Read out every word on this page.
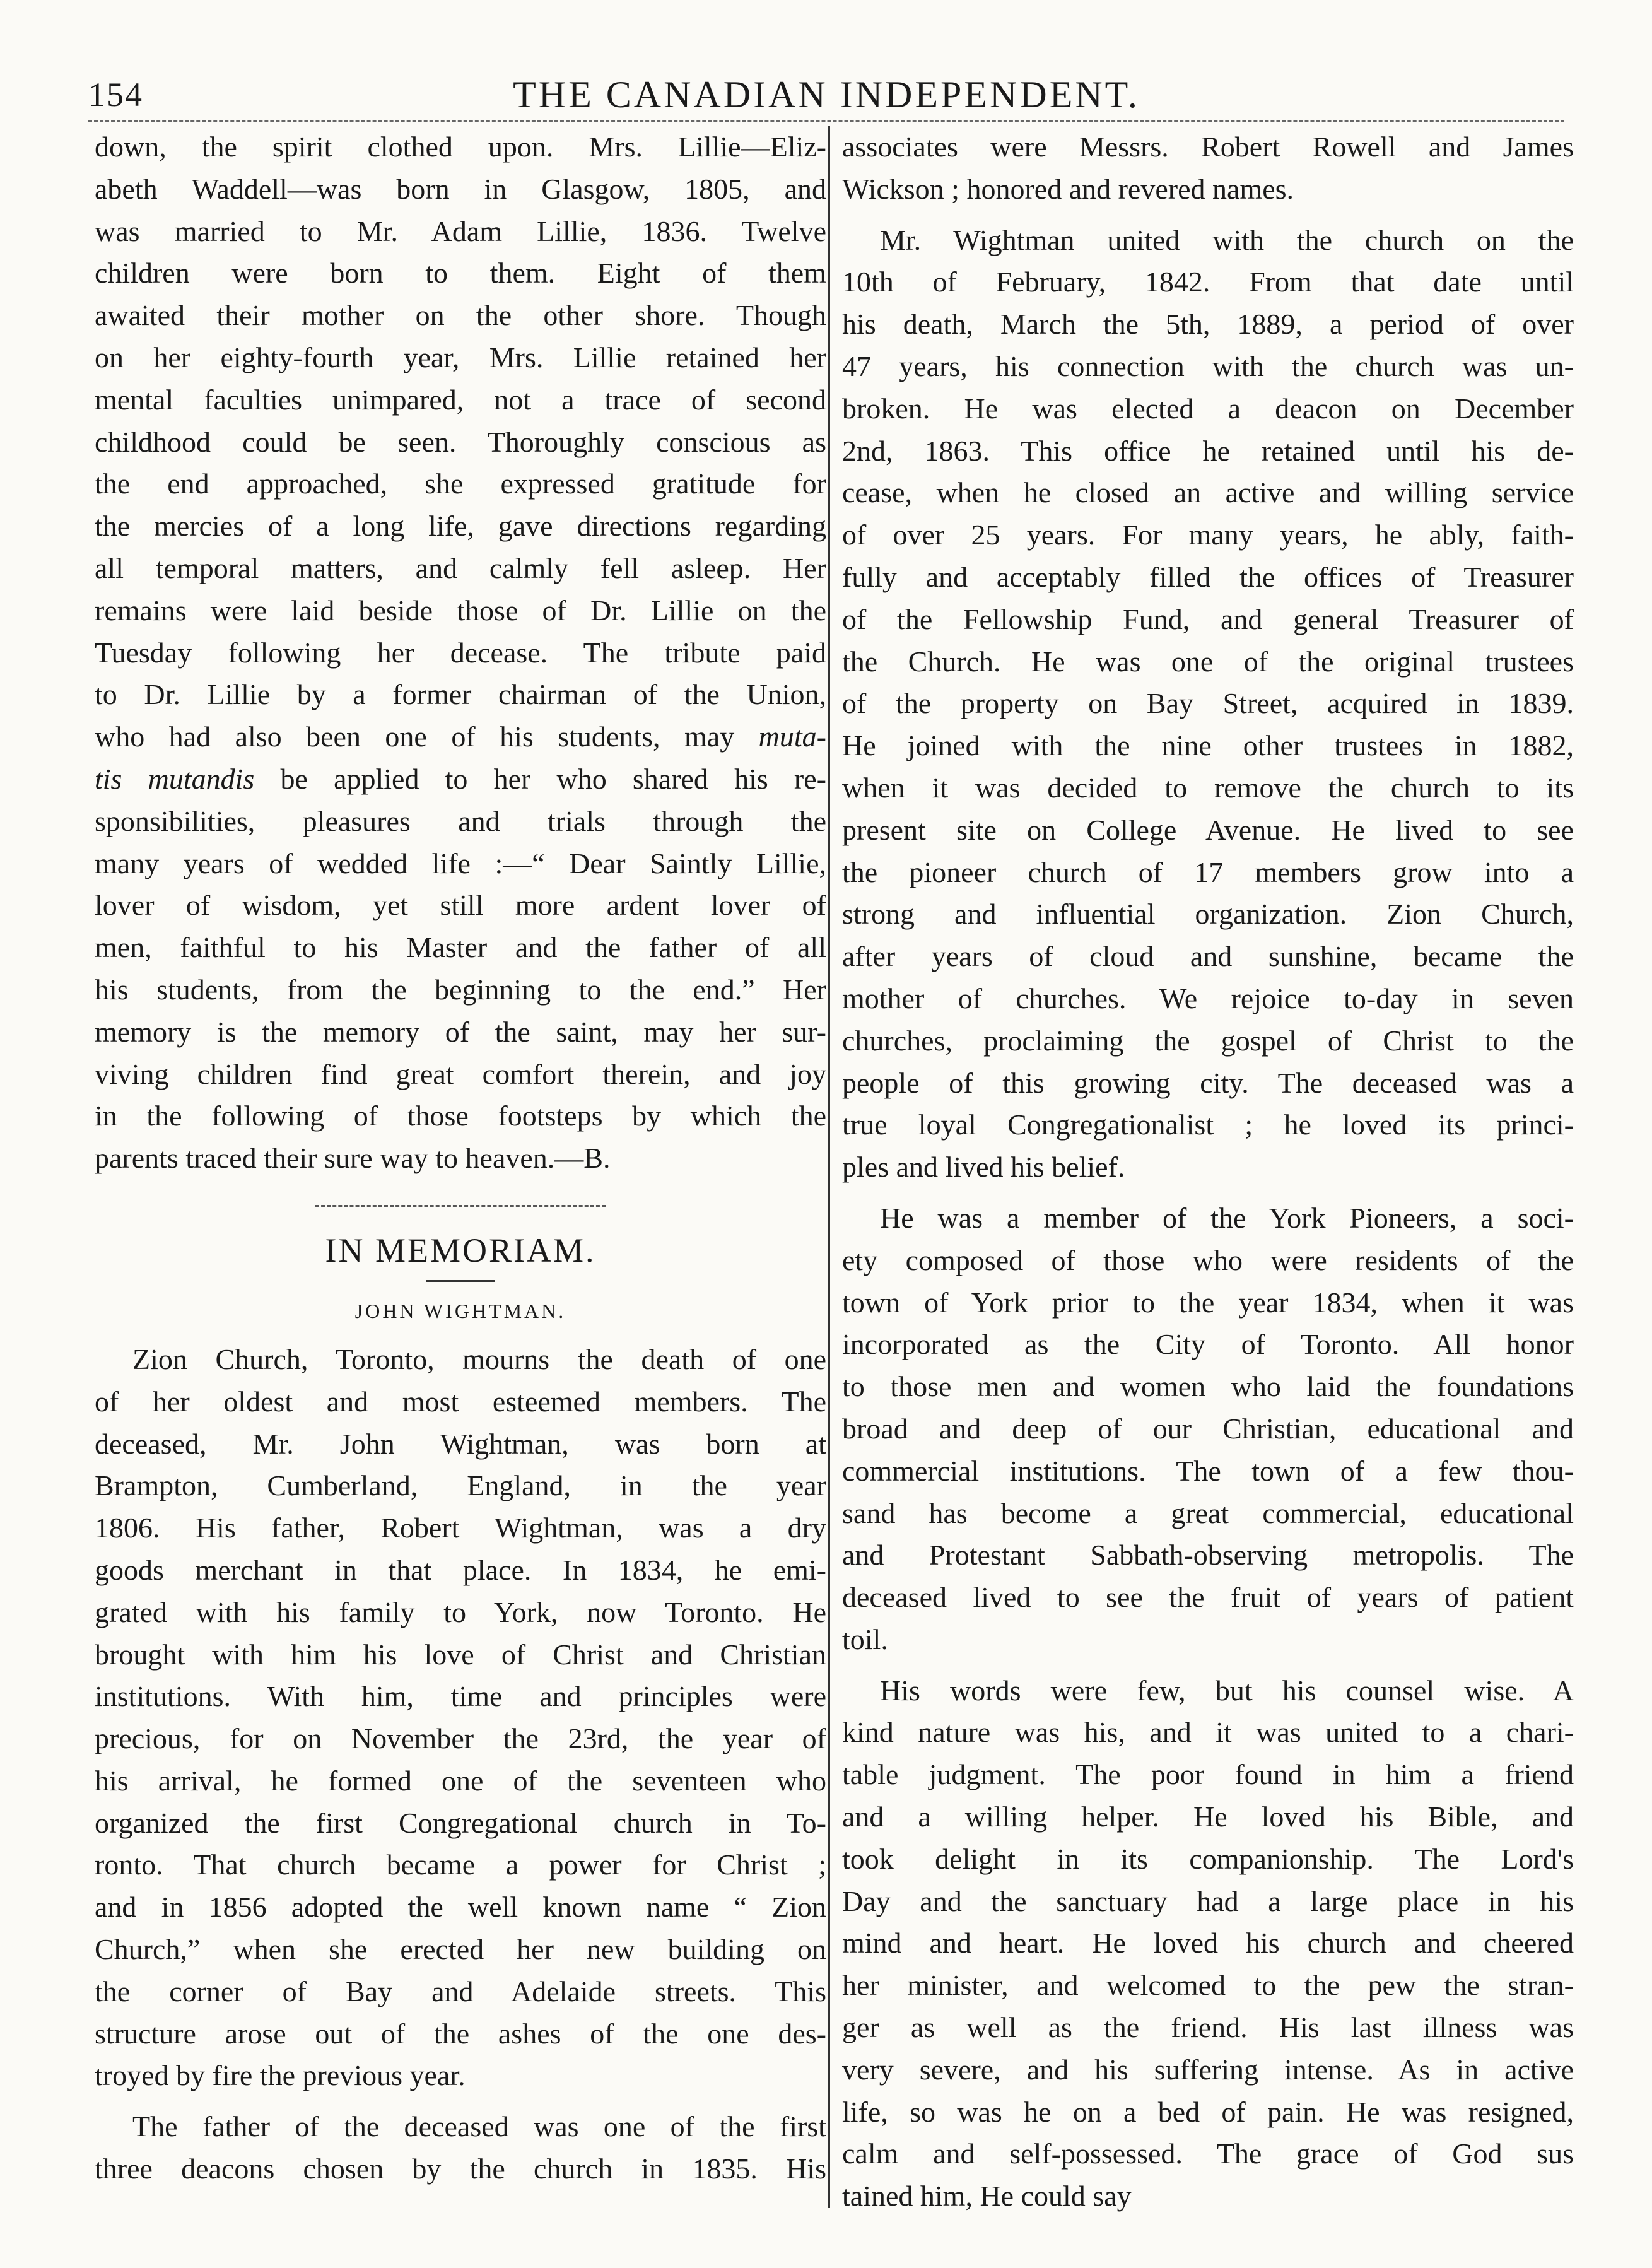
154	THE CANADIAN INDEPENDENT.
down, the spirit clothed upon. Mrs. Lillie—Eliz-
abeth Waddell—was born in Glasgow, 1805, and
was married to Mr. Adam Lillie, 1836. Twelve
children were born to them. Eight of them
awaited their mother on the other shore. Though
on her eighty-fourth year, Mrs. Lillie retained her
mental faculties unimpared, not a trace of second
childhood could be seen. Thoroughly conscious as
the end approached, she expressed gratitude for
the mercies of a long life, gave directions regarding
all temporal matters, and calmly fell asleep. Her
remains were laid beside those of Dr. Lillie on the
Tuesday following her decease. The tribute paid
to Dr. Lillie by a former chairman of the Union,
who had also been one of his students, may muta-
tis mutandis be applied to her who shared his re-
sponsibilities, pleasures and trials through the
many years of wedded life :—“ Dear Saintly Lillie,
lover of wisdom, yet still more ardent lover of
men, faithful to his Master and the father of all
his students, from the beginning to the end.” Her
memory is the memory of the saint, may her sur-
viving children find great comfort therein, and joy
in the following of those footsteps by which the
parents traced their sure way to heaven.—B.
IN MEMORIAM.
JOHN WIGHTMAN.
Zion Church, Toronto, mourns the death of one
of her oldest and most esteemed members. The
deceased, Mr. John Wightman, was born at
Brampton, Cumberland, England, in the year
1806. His father, Robert Wightman, was a dry
goods merchant in that place. In 1834, he emi-
grated with his family to York, now Toronto. He
brought with him his love of Christ and Christian
institutions. With him, time and principles were
precious, for on November the 23rd, the year of
his arrival, he formed one of the seventeen who
organized the first Congregational church in To-
ronto. That church became a power for Christ ;
and in 1856 adopted the well known name “ Zion
Church,” when she erected her new building on
the corner of Bay and Adelaide streets. This
structure arose out of the ashes of the one des-
troyed by fire the previous year.
The father of the deceased was one of the first
three deacons chosen by the church in 1835. His
associates were Messrs. Robert Rowell and James
Wickson ; honored and revered names.
Mr. Wightman united with the church on the
10th of February, 1842. From that date until
his death, March the 5th, 1889, a period of over
47 years, his connection with the church was un-
broken. He was elected a deacon on December
2nd, 1863. This office he retained until his de-
cease, when he closed an active and willing service
of over 25 years. For many years, he ably, faith-
fully and acceptably filled the offices of Treasurer
of the Fellowship Fund, and general Treasurer of
the Church. He was one of the original trustees
of the property on Bay Street, acquired in 1839.
He joined with the nine other trustees in 1882,
when it was decided to remove the church to its
present site on College Avenue. He lived to see
the pioneer church of 17 members grow into a
strong and influential organization. Zion Church,
after years of cloud and sunshine, became the
mother of churches. We rejoice to-day in seven
churches, proclaiming the gospel of Christ to the
people of this growing city. The deceased was a
true loyal Congregationalist ; he loved its princi-
ples and lived his belief.
He was a member of the York Pioneers, a soci-
ety composed of those who were residents of the
town of York prior to the year 1834, when it was
incorporated as the City of Toronto. All honor
to those men and women who laid the foundations
broad and deep of our Christian, educational and
commercial institutions. The town of a few thou-
sand has become a great commercial, educational
and Protestant Sabbath-observing metropolis. The
deceased lived to see the fruit of years of patient
toil.
His words were few, but his counsel wise. A
kind nature was his, and it was united to a chari-
table judgment. The poor found in him a friend
and a willing helper. He loved his Bible, and
took delight in its companionship. The Lord's
Day and the sanctuary had a large place in his
mind and heart. He loved his church and cheered
her minister, and welcomed to the pew the stran-
ger as well as the friend. His last illness was
very severe, and his suffering intense. As in active
life, so was he on a bed of pain. He was resigned,
calm and self-possessed. The grace of God sus
tained him, He could say
